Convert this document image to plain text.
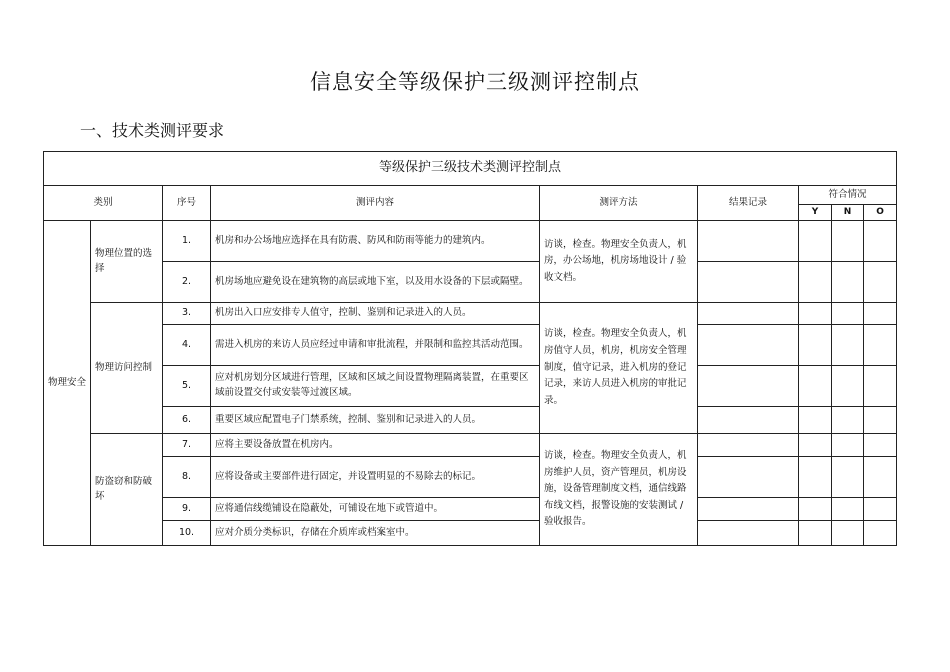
信息安全等级保护三级测评控制点
一、技术类测评要求
等级保护三级技术类测评控制点								
类别		序号	测评内容	测评方法	结果记录	符合情况		
						Y	N	O
物理安全	物理位置的选择	1.	机房和办公场地应选择在具有防震、防风和防雨等能力的建筑内。	访谈，检查。物理安全负责人，机房，办公场地，机房场地设计 / 验收文档。				
		2.	机房场地应避免设在建筑物的高层或地下室，以及用水设备的下层或隔壁。					
	物理访问控制	3.	机房出入口应安排专人值守，控制、鉴别和记录进入的人员。	访谈，检查。物理安全负责人，机房值守人员，机房，机房安全管理制度，值守记录，进入机房的登记记录，来访人员进入机房的审批记录。				
		4.	需进入机房的来访人员应经过申请和审批流程，并限制和监控其活动范围。					
		5.	应对机房划分区域进行管理，区域和区域之间设置物理隔离装置，在重要区域前设置交付或安装等过渡区域。					
		6.	重要区域应配置电子门禁系统，控制、鉴别和记录进入的人员。					
	防盗窃和防破坏	7.	应将主要设备放置在机房内。	访谈，检查。物理安全负责人，机房维护人员，资产管理员，机房设施，设备管理制度文档，通信线路布线文档，报警设施的安装测试 / 验收报告。				
		8.	应将设备或主要部件进行固定，并设置明显的不易除去的标记。					
		9.	应将通信线缆铺设在隐蔽处，可铺设在地下或管道中。					
		10.	应对介质分类标识，存储在介质库或档案室中。					
